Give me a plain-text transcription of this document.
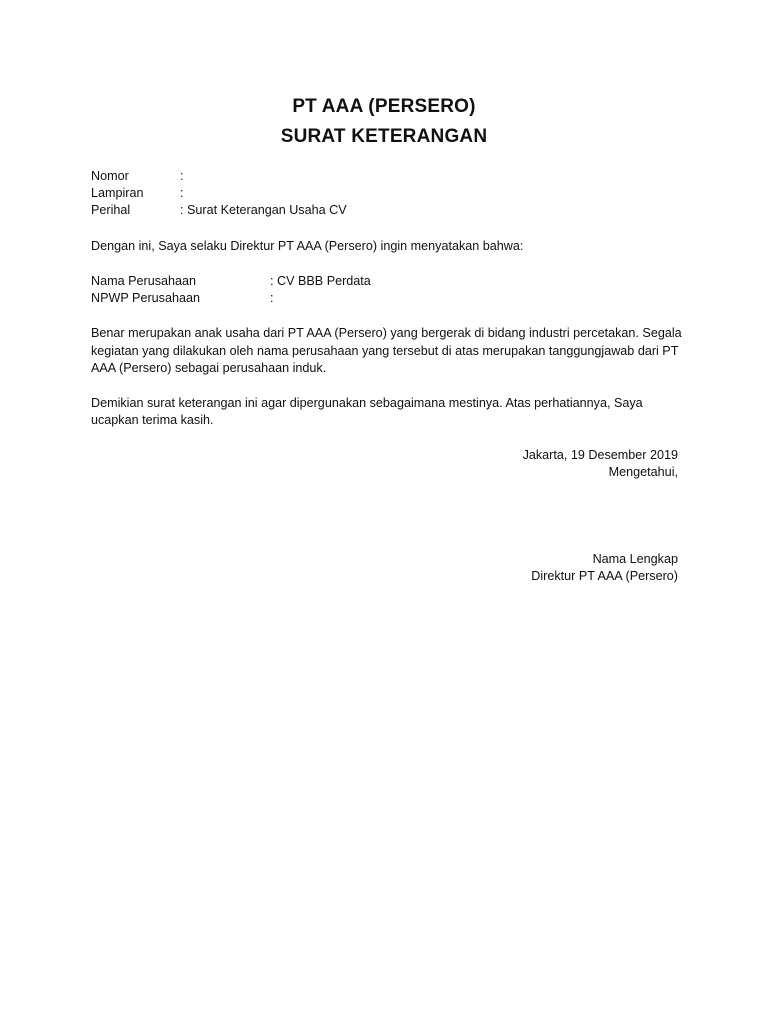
PT AAA (PERSERO)
SURAT KETERANGAN
Nomor	:
Lampiran	:
Perihal	: Surat Keterangan Usaha CV
Dengan ini, Saya selaku Direktur PT AAA (Persero) ingin menyatakan bahwa:
Nama Perusahaan	: CV BBB Perdata
NPWP Perusahaan	:
Benar merupakan anak usaha dari PT AAA (Persero) yang bergerak di bidang industri percetakan. Segala
kegiatan yang dilakukan oleh nama perusahaan yang tersebut di atas merupakan tanggungjawab dari PT
AAA (Persero) sebagai perusahaan induk.
Demikian surat keterangan ini agar dipergunakan sebagaimana mestinya. Atas perhatiannya, Saya
ucapkan terima kasih.
Jakarta, 19 Desember 2019
Mengetahui,
Nama Lengkap
Direktur PT AAA (Persero)
